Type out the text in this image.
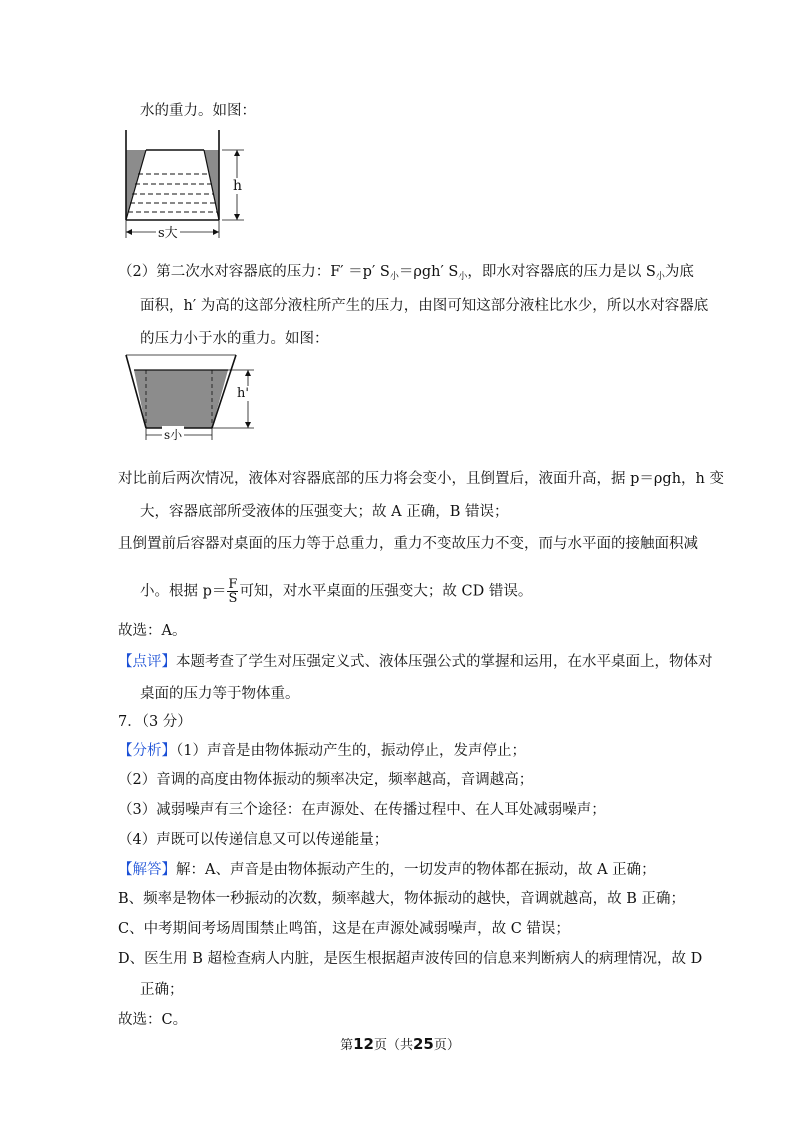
水的重力。如图：
h
s大
（2）第二次水对容器底的压力：F′ ＝p′ $S_小=\rho gh'$ $S_小$，即水对容器底的压力是以 $S_小$为底
面积，h′ 为高的这部分液柱所产生的压力，由图可知这部分液柱比水少，所以水对容器底
的压力小于水的重力。如图：
h'
s小
对比前后两次情况，液体对容器底部的压力将会变小，且倒置后，液面升高，据 p＝ρgh，h 变
大，容器底部所受液体的压强变大；故 A 正确，B 错误；
且倒置前后容器对桌面的压力等于总重力，重力不变故压力不变，而与水平面的接触面积减
小。根据 $p= \frac{F}{S}$ 可知，对水平桌面的压强变大；故 CD 错误。
故选：A。
【点评】本题考查了学生对压强定义式、液体压强公式的掌握和运用，在水平桌面上，物体对
桌面的压力等于物体重。
7．（3 分）
【分析】（1）声音是由物体振动产生的，振动停止，发声停止；
（2）音调的高度由物体振动的频率决定，频率越高，音调越高；
（3）减弱噪声有三个途径：在声源处、在传播过程中、在人耳处减弱噪声；
（4）声既可以传递信息又可以传递能量；
【解答】解：A、声音是由物体振动产生的，一切发声的物体都在振动，故 A 正确；
B、频率是物体一秒振动的次数，频率越大，物体振动的越快，音调就越高，故 B 正确；
C、中考期间考场周围禁止鸣笛，这是在声源处减弱噪声，故 C 错误；
D、医生用 B 超检查病人内脏，是医生根据超声波传回的信息来判断病人的病理情况，故 D
正确；
故选：C。
第12页（共25页）
